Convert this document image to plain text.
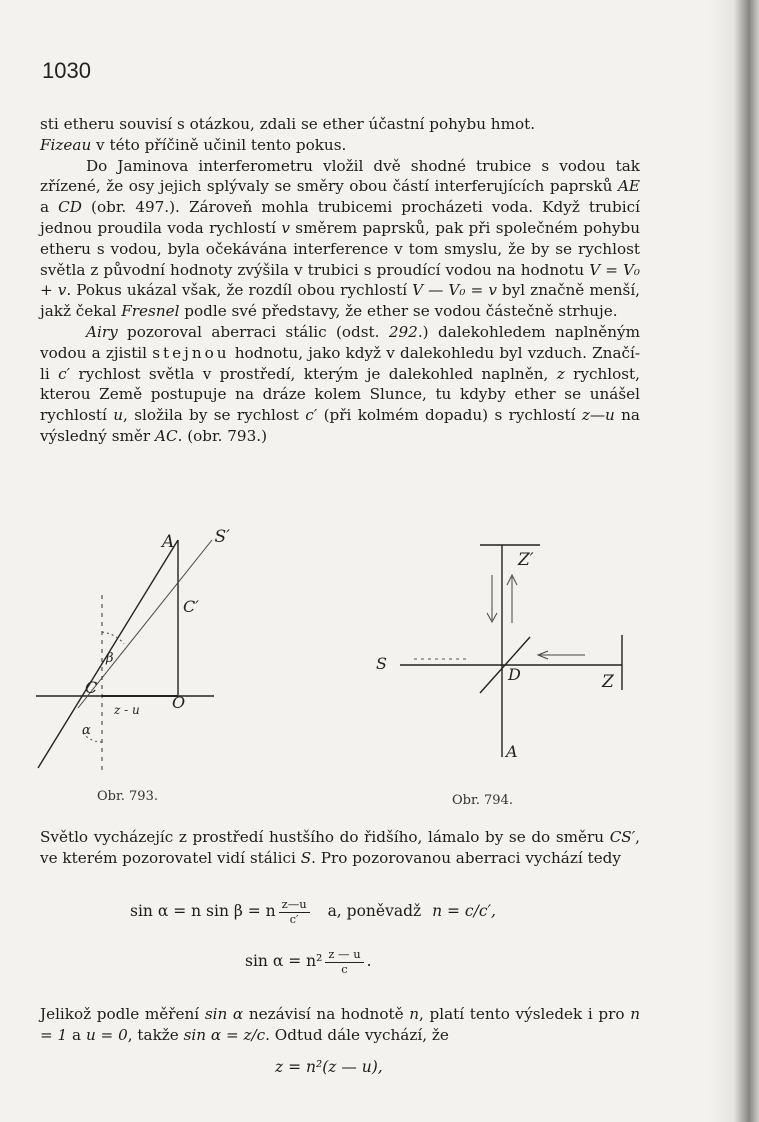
1030

sti etheru souvisí s otázkou, zdali se ether účastní pohybu hmot.
Fizeau v této příčině učinil tento pokus.

Do Jaminova interferometru vložil dvě shodné trubice s vodou tak zřízené, že osy jejich splývaly se směry obou částí interferujících paprsků AE a CD (obr. 497.). Zároveň mohla trubicemi procházeti voda. Když trubicí jednou proudila voda rychlostí v směrem paprsků, pak při společném pohybu etheru s vodou, byla očekávána interference v tom smyslu, že by se rychlost světla z původní hodnoty zvýšila v trubici s proudící vodou na hodnotu V = V₀ + v. Pokus ukázal však, že rozdíl obou rychlostí V — V₀ = v byl značně menší, jakž čekal Fresnel podle své představy, že ether se vodou částečně strhuje.

Airy pozoroval aberraci stálic (odst. 292.) dalekohledem naplněným vodou a zjistil stejnou hodnotu, jako když v dalekohledu byl vzduch. Značí-li c′ rychlost světla v prostředí, kterým je dalekohled naplněn, z rychlost, kterou Země postupuje na dráze kolem Slunce, tu kdyby ether se unášel rychlostí u, složila by se rychlost c′ (při kolmém dopadu) s rychlostí z—u na výsledný směr AC. (obr. 793.)

A S′
C′
C
O
β
α
z - u
Obr. 793.
Z′
S
D	Z
A
Obr. 794.

Světlo vycházejíc z prostředí hustšího do řidšího, lámalo by se do směru CS′, ve kterém pozorovatel vidí stálici S. Pro pozorovanou aberraci vychází tedy

sin α = n sin β = n $\frac{z—u}{c'} a$, poněvadž n = c/c′,
$\sin \alpha = n^2 \frac{z — u}{c}$ .

Jelikož podle měření sin α nezávisí na hodnotě n, platí tento výsledek i pro n = 1 a u = 0, takže sin α = z/c. Odtud dále vychází, že

z = n²(z — u),
